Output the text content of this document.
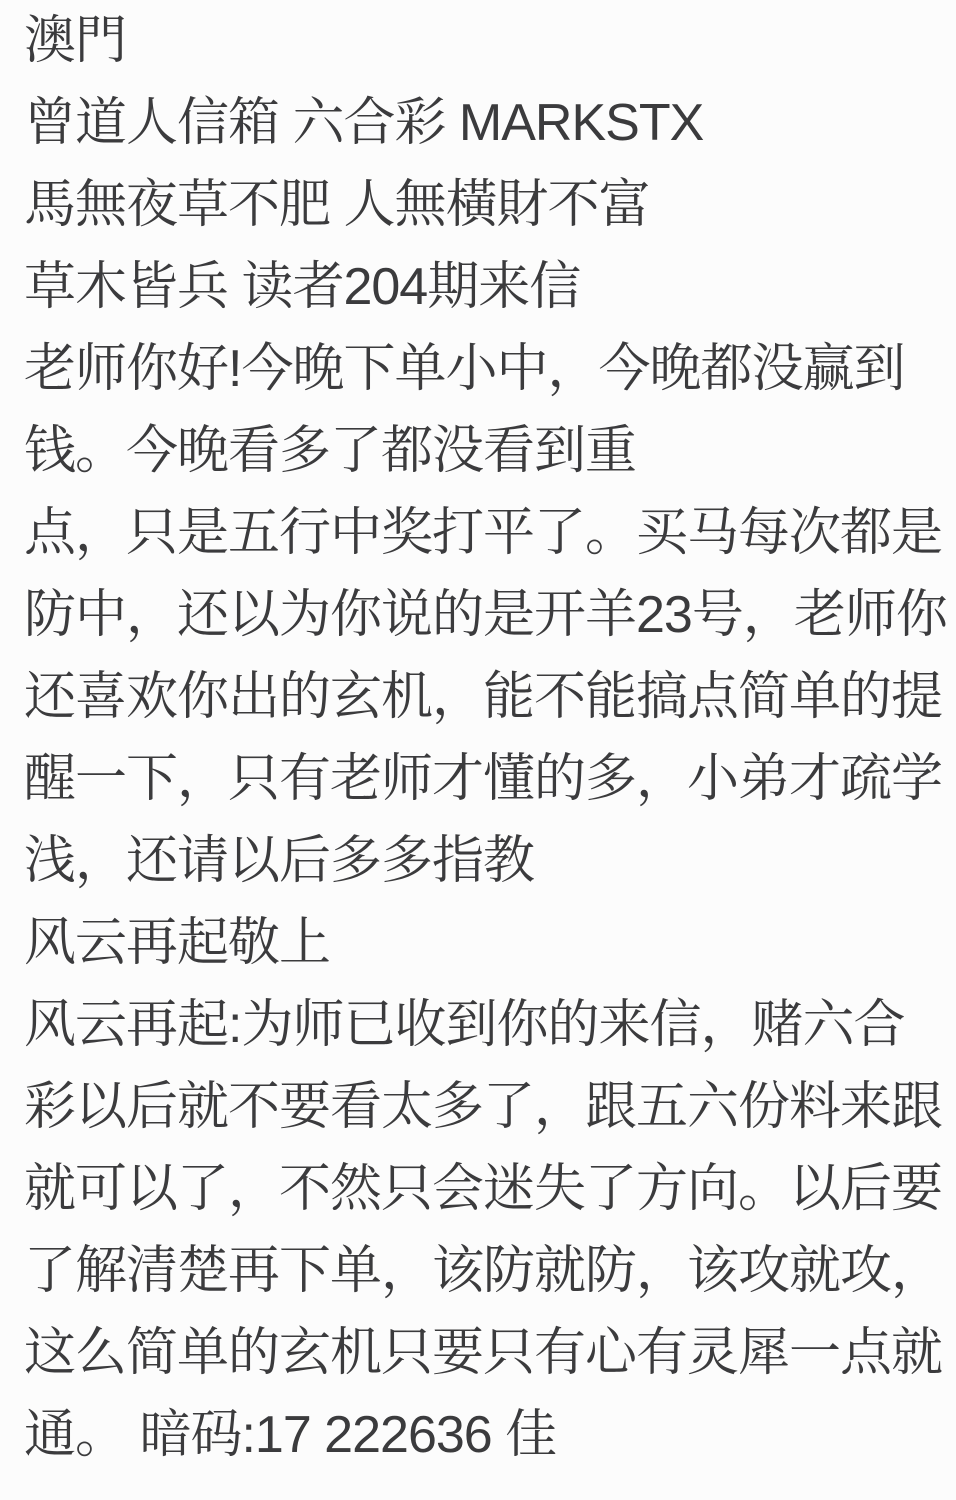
澳門
曾道人信箱 六合彩 MARKSTX
馬無夜草不肥 人無橫財不富
草木皆兵 读者204期来信
老师你好!今晚下单小中，今晚都没赢到
钱。今晚看多了都没看到重
点，只是五行中奖打平了。买马每次都是
防中，还以为你说的是开羊23号，老师你
还喜欢你出的玄机，能不能搞点简单的提
醒一下，只有老师才懂的多，小弟才疏学
浅，还请以后多多指教
风云再起敬上
风云再起:为师已收到你的来信，赌六合
彩以后就不要看太多了，跟五六份料来跟
就可以了，不然只会迷失了方向。以后要
了解清楚再下单，该防就防，该攻就攻，
这么简单的玄机只要只有心有灵犀一点就
通。 暗码:17 222636 佳
